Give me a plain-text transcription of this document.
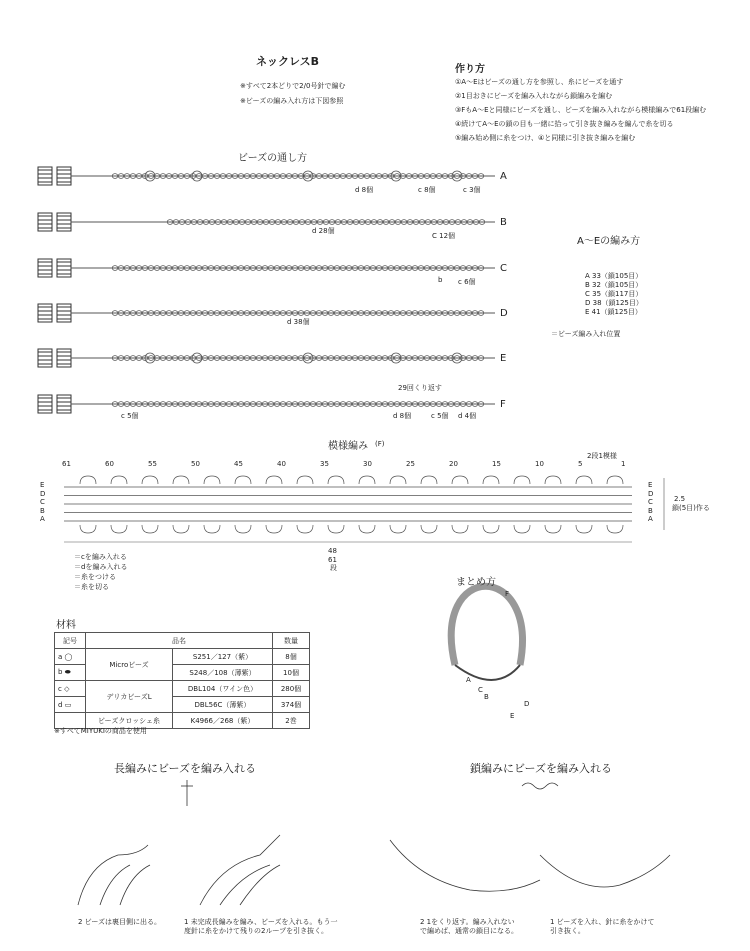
ネックレスB
※すべて2本どりで2/0号針で編む
※ビーズの編み入れ方は下図参照
作り方
①A〜Eはビーズの通し方を参照し、糸にビーズを通す
②1目おきにビーズを編み入れながら鎖編みを編む
③FもA〜Eと同様にビーズを通し、ビーズを編み入れながら模様編みで61段編む
④続けてA〜Eの鎖の目も一緒に拾って引き抜き編みを編んで糸を切る
⑤編み始め側に糸をつけ、④と同様に引き抜き編みを編む
ビーズの通し方
A
B
C
D
E
F
d 8個	c 8個	c 3個
d 28個
C 12個
c 6個
b
d 38個
29回くり返す
c 5個	d 8個	c 5個 d 4個
A〜Eの編み方
A 33（鎖105目）
B 32（鎖105目）
C 35（鎖117目）
D 38（鎖125目）
E 41（鎖125目）
＝ビーズ編み入れ位置
模様編み (F)
2段1模様
2.5
鎖(5目)作る
48
61
段
E
D
C
B
A
E
D
C
B
A
61	60	55	50	45	40	35	30	25	20	15	10	5	1
＝cを編み入れる
＝dを編み入れる
＝糸をつける
＝糸を切る	まとめ方
F
A
C
B
D
E
材料
記号	品名		数量
a ◯	Microビーズ	S251／127（紫）	8個
b ⬬		S248／108（薄紫）	10個
c ◇	デリカビーズL	DBL104（ワイン色）	280個
d ▭		DBL56C（薄紫）	374個
	ビーズクロッシェ糸	K4966／268（紫）	2巻
※すべてMIYUKIの商品を使用
長編みにビーズを編み入れる
2 ビーズは裏目側に出る。	1 未完成長編みを編み、ビーズを入れる。もう一度針に糸をかけて残りの2ループを引き抜く。
鎖編みにビーズを編み入れる
2 1をくり返す。編み入れないで編めば、通常の鎖目になる。
1 ビーズを入れ、針に糸をかけて引き抜く。
